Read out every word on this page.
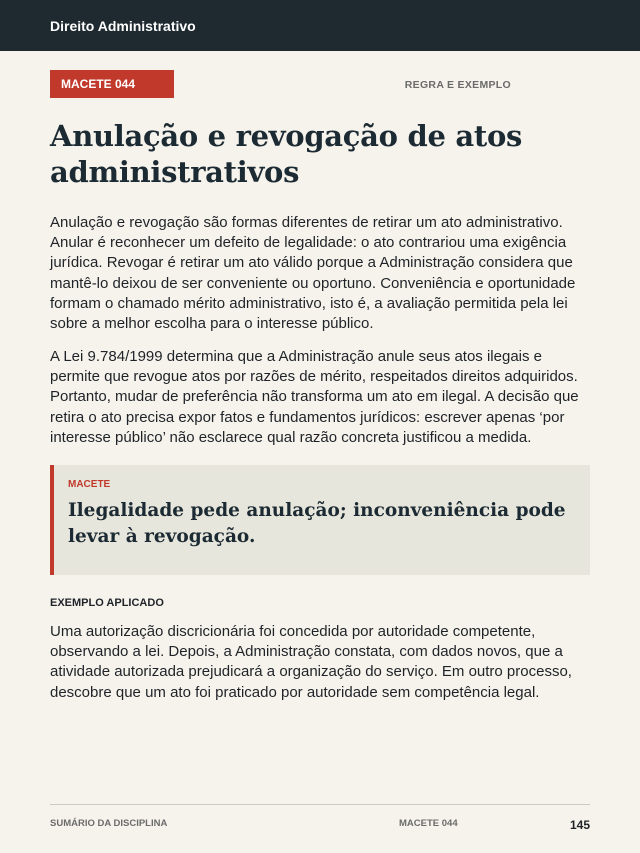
Direito Administrativo
MACETE 044	REGRA E EXEMPLO
Anulação e revogação de atos administrativos

Anulação e revogação são formas diferentes de retirar um ato administrativo. Anular é reconhecer um defeito de legalidade: o ato contrariou uma exigência jurídica. Revogar é retirar um ato válido porque a Administração considera que mantê-lo deixou de ser conveniente ou oportuno. Conveniência e oportunidade formam o chamado mérito administrativo, isto é, a avaliação permitida pela lei sobre a melhor escolha para o interesse público.

A Lei 9.784/1999 determina que a Administração anule seus atos ilegais e permite que revogue atos por razões de mérito, respeitados direitos adquiridos. Portanto, mudar de preferência não transforma um ato em ilegal. A decisão que retira o ato precisa expor fatos e fundamentos jurídicos: escrever apenas ‘por interesse público’ não esclarece qual razão concreta justificou a medida.

MACETE

Ilegalidade pede anulação; inconveniência pode levar à revogação.

EXEMPLO APLICADO

Uma autorização discricionária foi concedida por autoridade competente, observando a lei. Depois, a Administração constata, com dados novos, que a atividade autorizada prejudicará a organização do serviço. Em outro processo, descobre que um ato foi praticado por autoridade sem competência legal.

SUMÁRIO DA DISCIPLINA	MACETE 044	145
